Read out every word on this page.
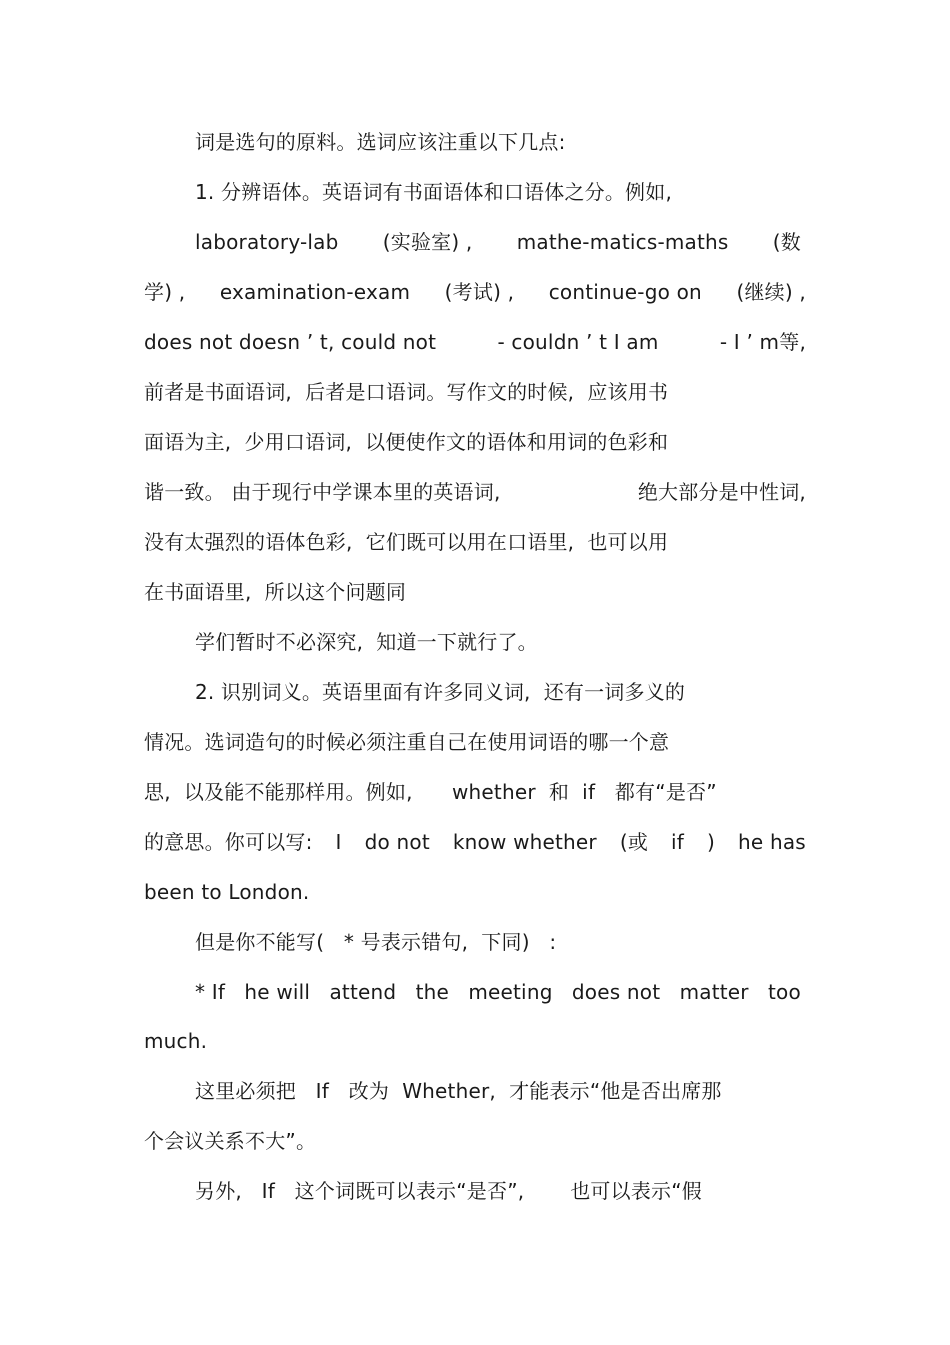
词是选句的原料。选词应该注重以下几点:
1. 分辨语体。英语词有书面语体和口语体之分。例如,
laboratory-lab (实验室) , mathe-matics-maths (数
学) , examination-exam (考试) , continue-go on (继续) ,
does not doesn ’ t, could not	- couldn ’ t I am	- I ’ m等,
前者是书面语词,  后者是口语词。写作文的时候,  应该用书
面语为主,  少用口语词,  以便使作文的语体和用词的色彩和
谐一致。 由于现行中学课本里的英语词,	绝大部分是中性词,
没有太强烈的语体色彩,  它们既可以用在口语里,  也可以用
在书面语里,  所以这个问题同
学们暂时不必深究,  知道一下就行了。
2. 识别词义。英语里面有许多同义词,  还有一词多义的
情况。选词造句的时候必须注重自己在使用词语的哪一个意
思,  以及能不能那样用。例如,      whether  和  if   都有“是否”
的意思。你可以写: I do not know whether (或 if ) he has
been to London.
但是你不能写(   * 号表示错句,  下同)   :
* If he will attend the meeting does not matter too
much.
这里必须把   If   改为  Whether,  才能表示“他是否出席那
个会议关系不大”。
另外,   If   这个词既可以表示“是否”,       也可以表示“假
